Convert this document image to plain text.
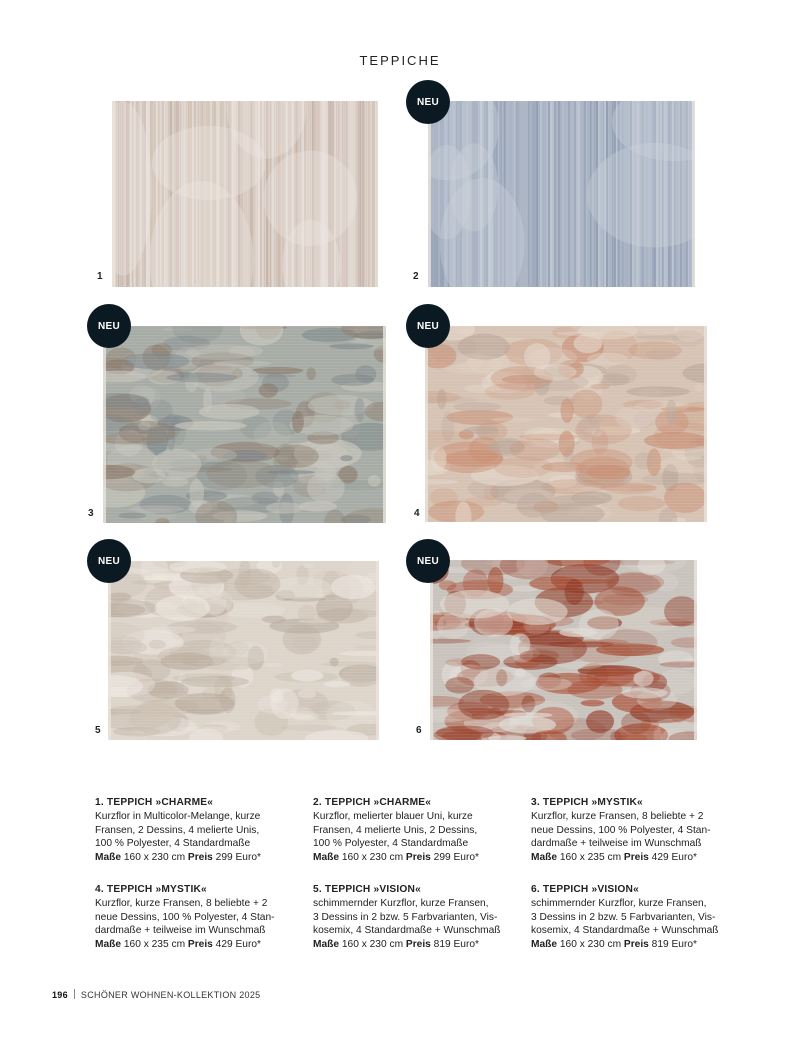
TEPPICHE
1	2
3	4
5	6
NEU
NEU	NEU
NEU	NEU
1. TEPPICH »CHARME«
Kurzflor in Multicolor-Melange, kurze
Fransen, 2 Dessins, 4 melierte Unis,
100 % Polyester, 4 Standardmaße
Maße 160 x 230 cm Preis 299 Euro*
2. TEPPICH »CHARME«
Kurzflor, melierter blauer Uni, kurze
Fransen, 4 melierte Unis, 2 Dessins,
100 % Polyester, 4 Standardmaße
Maße 160 x 230 cm Preis 299 Euro*
3. TEPPICH »MYSTIK«
Kurzflor, kurze Fransen, 8 beliebte + 2
neue Dessins, 100 % Polyester, 4 Stan-
dardmaße + teilweise im Wunschmaß
Maße 160 x 235 cm Preis 429 Euro*
4. TEPPICH »MYSTIK«
Kurzflor, kurze Fransen, 8 beliebte + 2
neue Dessins, 100 % Polyester, 4 Stan-
dardmaße + teilweise im Wunschmaß
Maße 160 x 235 cm Preis 429 Euro*
5. TEPPICH »VISION«
schimmernder Kurzflor, kurze Fransen,
3 Dessins in 2 bzw. 5 Farbvarianten, Vis-
kosemix, 4 Standardmaße + Wunschmaß
Maße 160 x 230 cm Preis 819 Euro*
6. TEPPICH »VISION«
schimmernder Kurzflor, kurze Fransen,
3 Dessins in 2 bzw. 5 Farbvarianten, Vis-
kosemix, 4 Standardmaße + Wunschmaß
Maße 160 x 230 cm Preis 819 Euro*
196 SCHÖNER WOHNEN-KOLLEKTION 2025
